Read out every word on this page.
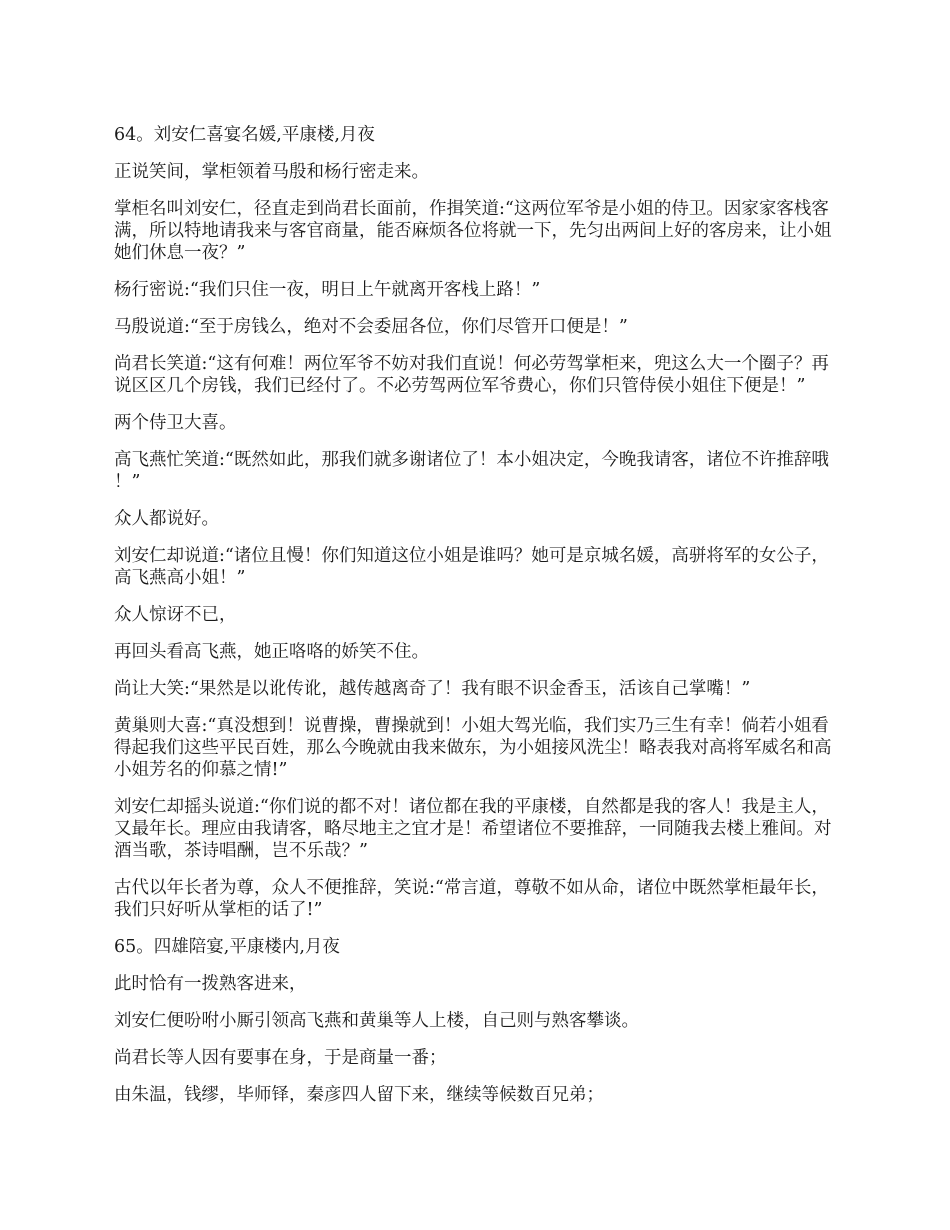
64。刘安仁喜宴名媛,平康楼,月夜

正说笑间，掌柜领着马殷和杨行密走来。

掌柜名叫刘安仁，径直走到尚君长面前，作揖笑道:“这两位军爷是小姐的侍卫。因家家客栈客满，所以特地请我来与客官商量，能否麻烦各位将就一下，先匀出两间上好的客房来，让小姐她们休息一夜？”

杨行密说:“我们只住一夜，明日上午就离开客栈上路！”

马殷说道:“至于房钱么，绝对不会委屈各位，你们尽管开口便是！”

尚君长笑道:“这有何难！两位军爷不妨对我们直说！何必劳驾掌柜来，兜这么大一个圈子？再说区区几个房钱，我们已经付了。不必劳驾两位军爷费心，你们只管侍侯小姐住下便是！”

两个侍卫大喜。

高飞燕忙笑道:“既然如此，那我们就多谢诸位了！本小姐决定，今晚我请客，诸位不许推辞哦！”

众人都说好。

刘安仁却说道:“诸位且慢！你们知道这位小姐是谁吗？她可是京城名媛，高骈将军的女公子，高飞燕高小姐！”

众人惊讶不已，

再回头看高飞燕，她正咯咯的娇笑不住。

尚让大笑:“果然是以讹传讹，越传越离奇了！我有眼不识金香玉，活该自己掌嘴！”

黄巢则大喜:“真没想到！说曹操，曹操就到！小姐大驾光临，我们实乃三生有幸！倘若小姐看得起我们这些平民百姓，那么今晚就由我来做东，为小姐接风洗尘！略表我对高将军威名和高小姐芳名的仰慕之情!”

刘安仁却摇头说道:“你们说的都不对！诸位都在我的平康楼，自然都是我的客人！我是主人，又最年长。理应由我请客，略尽地主之宜才是！希望诸位不要推辞，一同随我去楼上雅间。对酒当歌，茶诗唱酬，岂不乐哉？”

古代以年长者为尊，众人不便推辞，笑说:“常言道，尊敬不如从命，诸位中既然掌柜最年长，我们只好听从掌柜的话了!”

65。四雄陪宴,平康楼内,月夜

此时恰有一拨熟客进来，

刘安仁便吩咐小厮引领高飞燕和黄巢等人上楼，自己则与熟客攀谈。

尚君长等人因有要事在身，于是商量一番；

由朱温，钱缪，毕师铎，秦彦四人留下来，继续等候数百兄弟；
